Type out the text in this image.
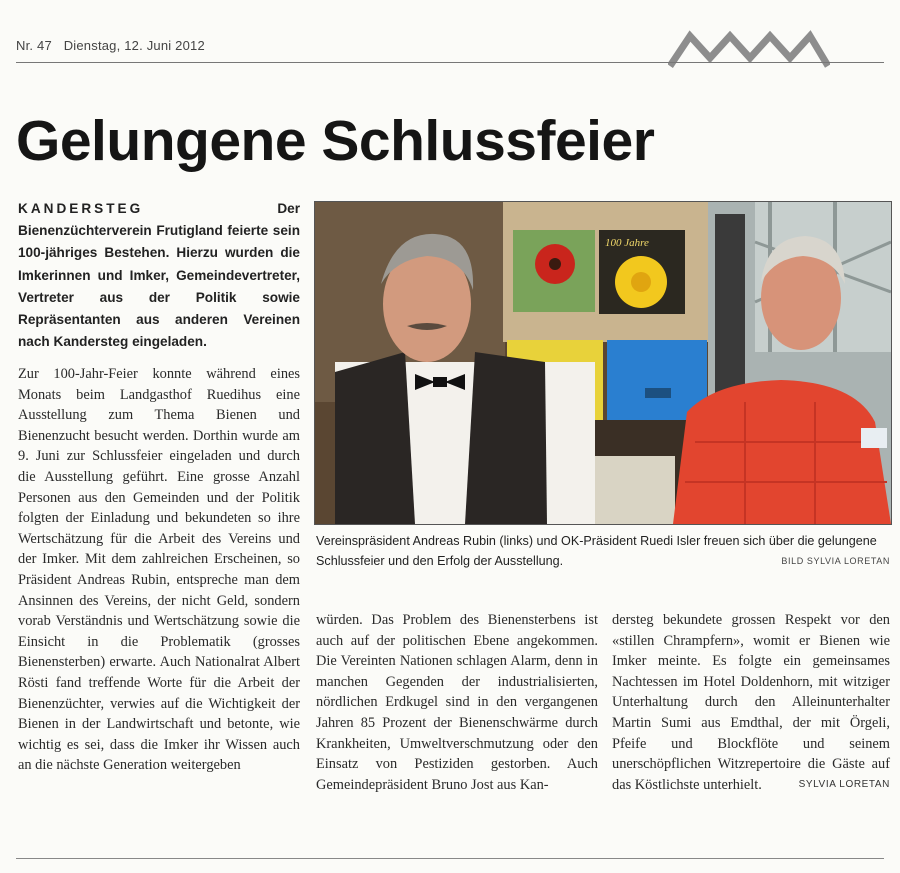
Nr. 47 Dienstag, 12. Juni 2012
Gelungene Schlussfeier
KANDERSTEG	Der Bienenzüchterverein Frutigland feierte sein 100-jähriges Bestehen. Hierzu wurden die Imkerinnen und Imker, Gemeindevertreter, Vertreter aus der Politik sowie Repräsentanten aus anderen Vereinen nach Kandersteg eingeladen.
Zur 100-Jahr-Feier konnte während eines Monats beim Landgasthof Ruedihus eine Ausstellung zum Thema Bienen und Bienenzucht besucht werden. Dorthin wurde am 9. Juni zur Schlussfeier eingeladen und durch die Ausstellung geführt. Eine grosse Anzahl Personen aus den Gemeinden und der Politik folgten der Einladung und bekundeten so ihre Wertschätzung für die Arbeit des Vereins und der Imker. Mit dem zahlreichen Erscheinen, so Präsident Andreas Rubin, entspreche man dem Ansinnen des Vereins, der nicht Geld, sondern vorab Verständnis und Wertschätzung sowie die Einsicht in die Problematik (grosses Bienensterben) erwarte. Auch Nationalrat Albert Rösti fand treffende Worte für die Arbeit der Bienenzüchter, verwies auf die Wichtigkeit der Bienen in der Landwirtschaft und betonte, wie wichtig es sei, dass die Imker ihr Wissen auch an die nächste Generation weitergeben
würden. Das Problem des Bienensterbens ist auch auf der politischen Ebene angekommen. Die Vereinten Nationen schlagen Alarm, denn in manchen Gegenden der industrialisierten, nördlichen Erdkugel sind in den vergangenen Jahren 85 Prozent der Bienenschwärme durch Krankheiten, Umweltverschmutzung oder den Einsatz von Pestiziden gestorben. Auch Gemeindepräsident Bruno Jost aus Kan-
dersteg bekundete grossen Respekt vor den «stillen Chrampfern», womit er Bienen wie Imker meinte. Es folgte ein gemeinsames Nachtessen im Hotel Doldenhorn, mit witziger Unterhaltung durch den Alleinunterhalter Martin Sumi aus Emdthal, der mit Örgeli, Pfeife und Blockflöte und seinem unerschöpflichen Witzrepertoire die Gäste auf das Köstlichste unterhielt.	SYLVIA LORETAN
100 Jahre
Vereinspräsident Andreas Rubin (links) und OK-Präsident Ruedi Isler freuen sich über die gelungene Schlussfeier und den Erfolg der Ausstellung.	BILD SYLVIA LORETAN
